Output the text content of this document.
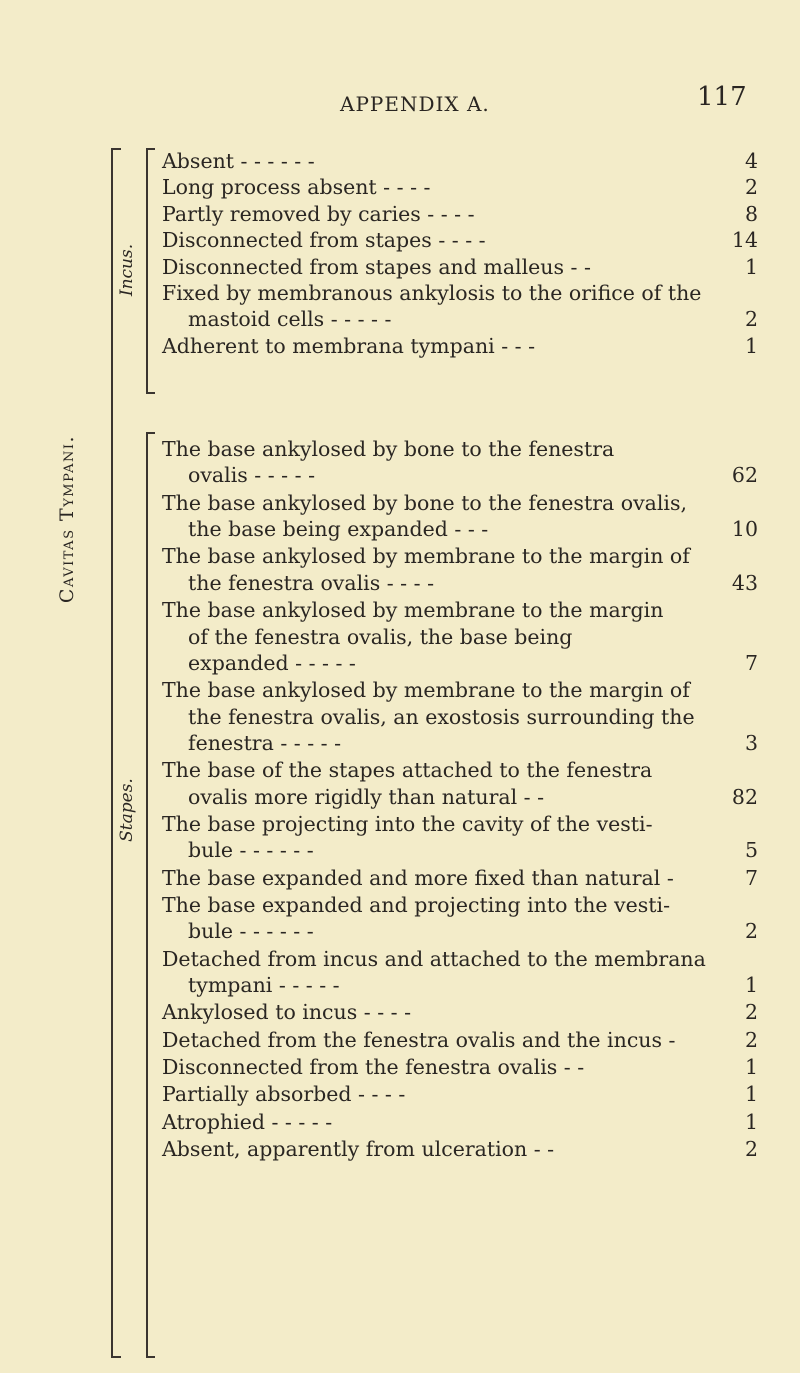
APPENDIX A.	117
Cavitas Tympani.
Incus.
Stapes.
Absent - - - - - -	4
Long process absent - - - -	2
Partly removed by caries - - - -	8
Disconnected from stapes - - - -	14
Disconnected from stapes and malleus - -	1
Fixed by membranous ankylosis to the orifice of the
mastoid cells - - - - -	2
Adherent to membrana tympani - - -	1
The base ankylosed by bone to the fenestra
ovalis - - - - -	62
The base ankylosed by bone to the fenestra ovalis,
the base being expanded - - -	10
The base ankylosed by membrane to the margin of
the fenestra ovalis - - - -	43
The base ankylosed by membrane to the margin
of the fenestra ovalis, the base being
expanded - - - - -	7
The base ankylosed by membrane to the margin of
the fenestra ovalis, an exostosis surrounding the
fenestra - - - - -	3
The base of the stapes attached to the fenestra
ovalis more rigidly than natural - -	82
The base projecting into the cavity of the vesti-
bule - - - - - -	5
The base expanded and more fixed than natural -	7
The base expanded and projecting into the vesti-
bule - - - - - -	2
Detached from incus and attached to the membrana
tympani - - - - -	1
Ankylosed to incus - - - -	2
Detached from the fenestra ovalis and the incus -	2
Disconnected from the fenestra ovalis - -	1
Partially absorbed - - - -	1
Atrophied - - - - -	1
Absent, apparently from ulceration - -	2
